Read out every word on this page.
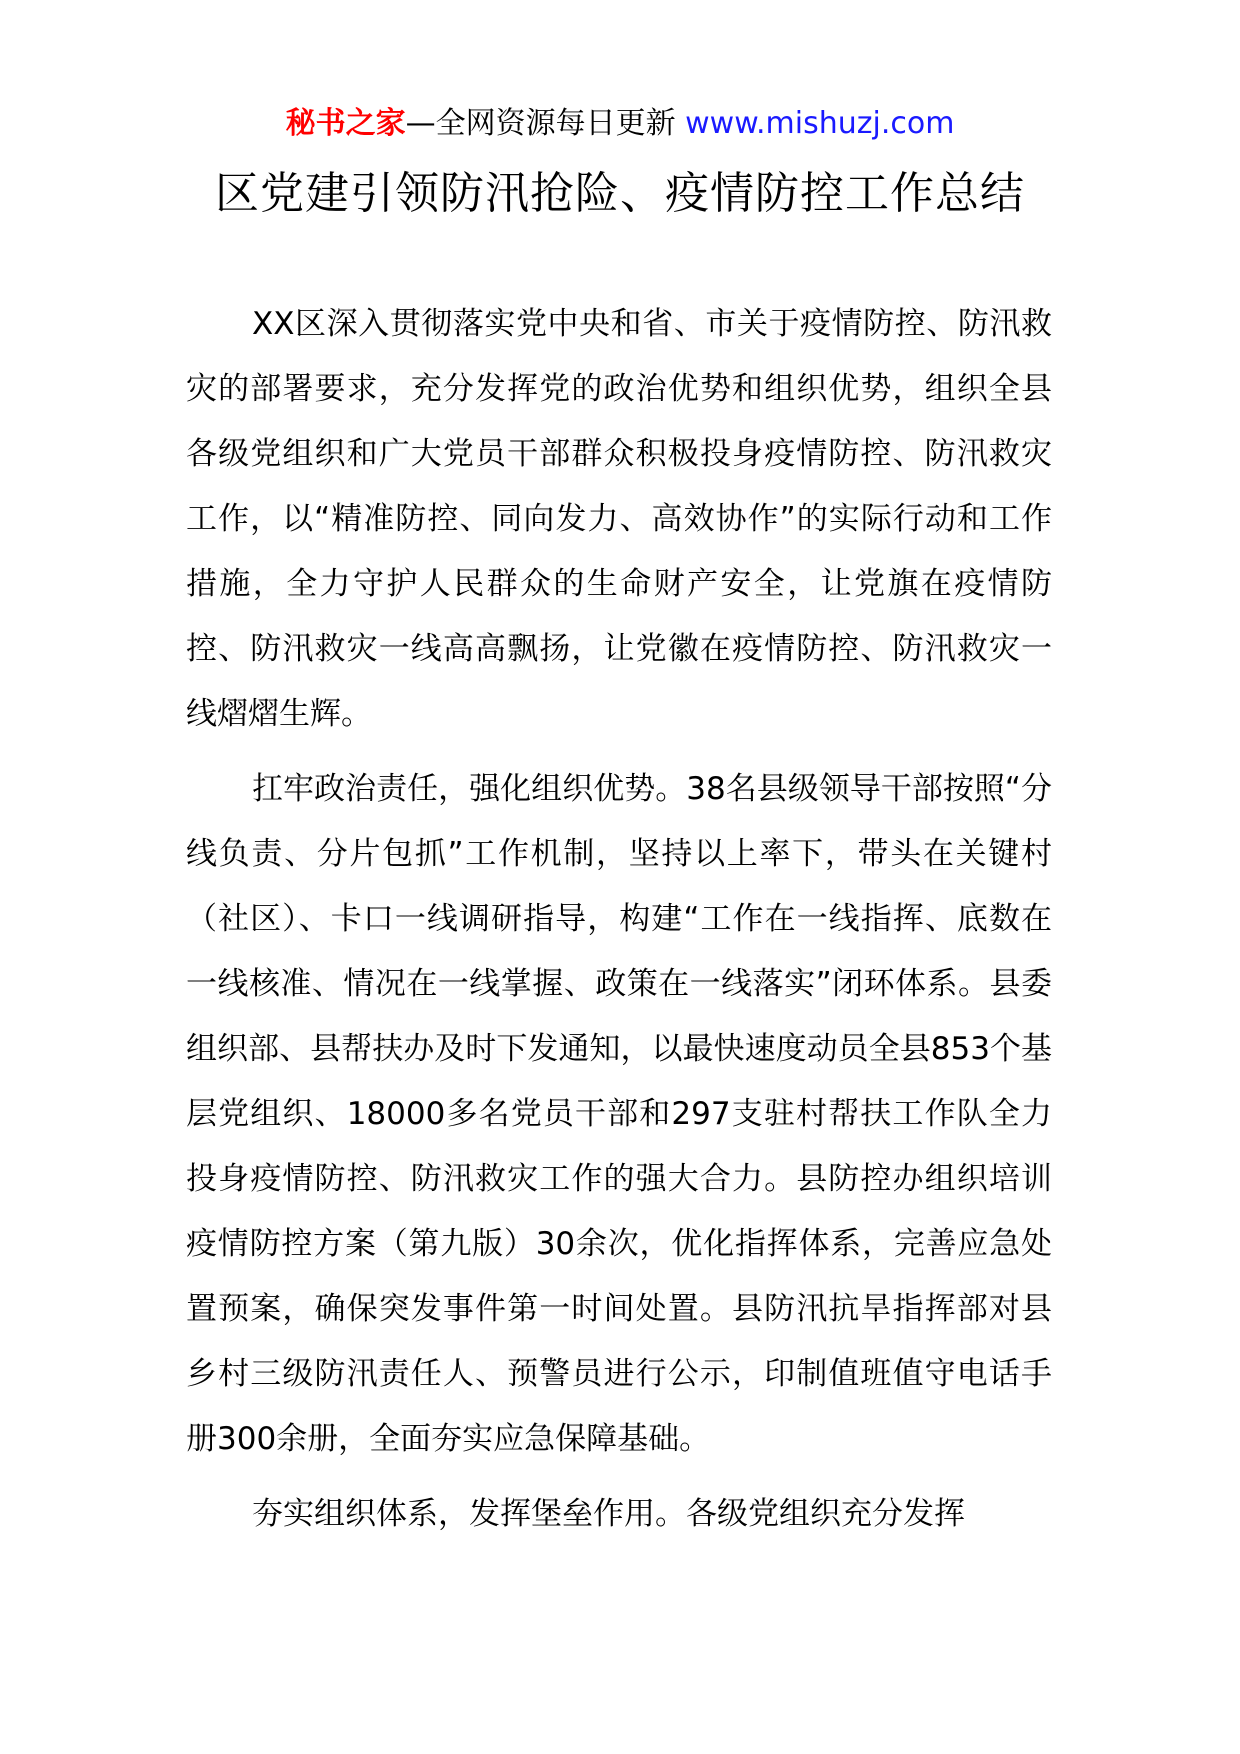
秘书之家—全网资源每日更新 www.mishuzj.com
区党建引领防汛抢险、疫情防控工作总结

XX区深入贯彻落实党中央和省、市关于疫情防控、防汛救灾的部署要求，充分发挥党的政治优势和组织优势，组织全县各级党组织和广大党员干部群众积极投身疫情防控、防汛救灾工作，以“精准防控、同向发力、高效协作”的实际行动和工作措施，全力守护人民群众的生命财产安全，让党旗在疫情防控、防汛救灾一线高高飘扬，让党徽在疫情防控、防汛救灾一线熠熠生辉。

扛牢政治责任，强化组织优势。38名县级领导干部按照“分线负责、分片包抓”工作机制，坚持以上率下，带头在关键村（社区）、卡口一线调研指导，构建“工作在一线指挥、底数在一线核准、情况在一线掌握、政策在一线落实”闭环体系。县委组织部、县帮扶办及时下发通知，以最快速度动员全县853个基层党组织、18000多名党员干部和297支驻村帮扶工作队全力投身疫情防控、防汛救灾工作的强大合力。县防控办组织培训疫情防控方案（第九版）30余次，优化指挥体系，完善应急处置预案，确保突发事件第一时间处置。县防汛抗旱指挥部对县乡村三级防汛责任人、预警员进行公示，印制值班值守电话手册300余册，全面夯实应急保障基础。

夯实组织体系，发挥堡垒作用。各级党组织充分发挥
